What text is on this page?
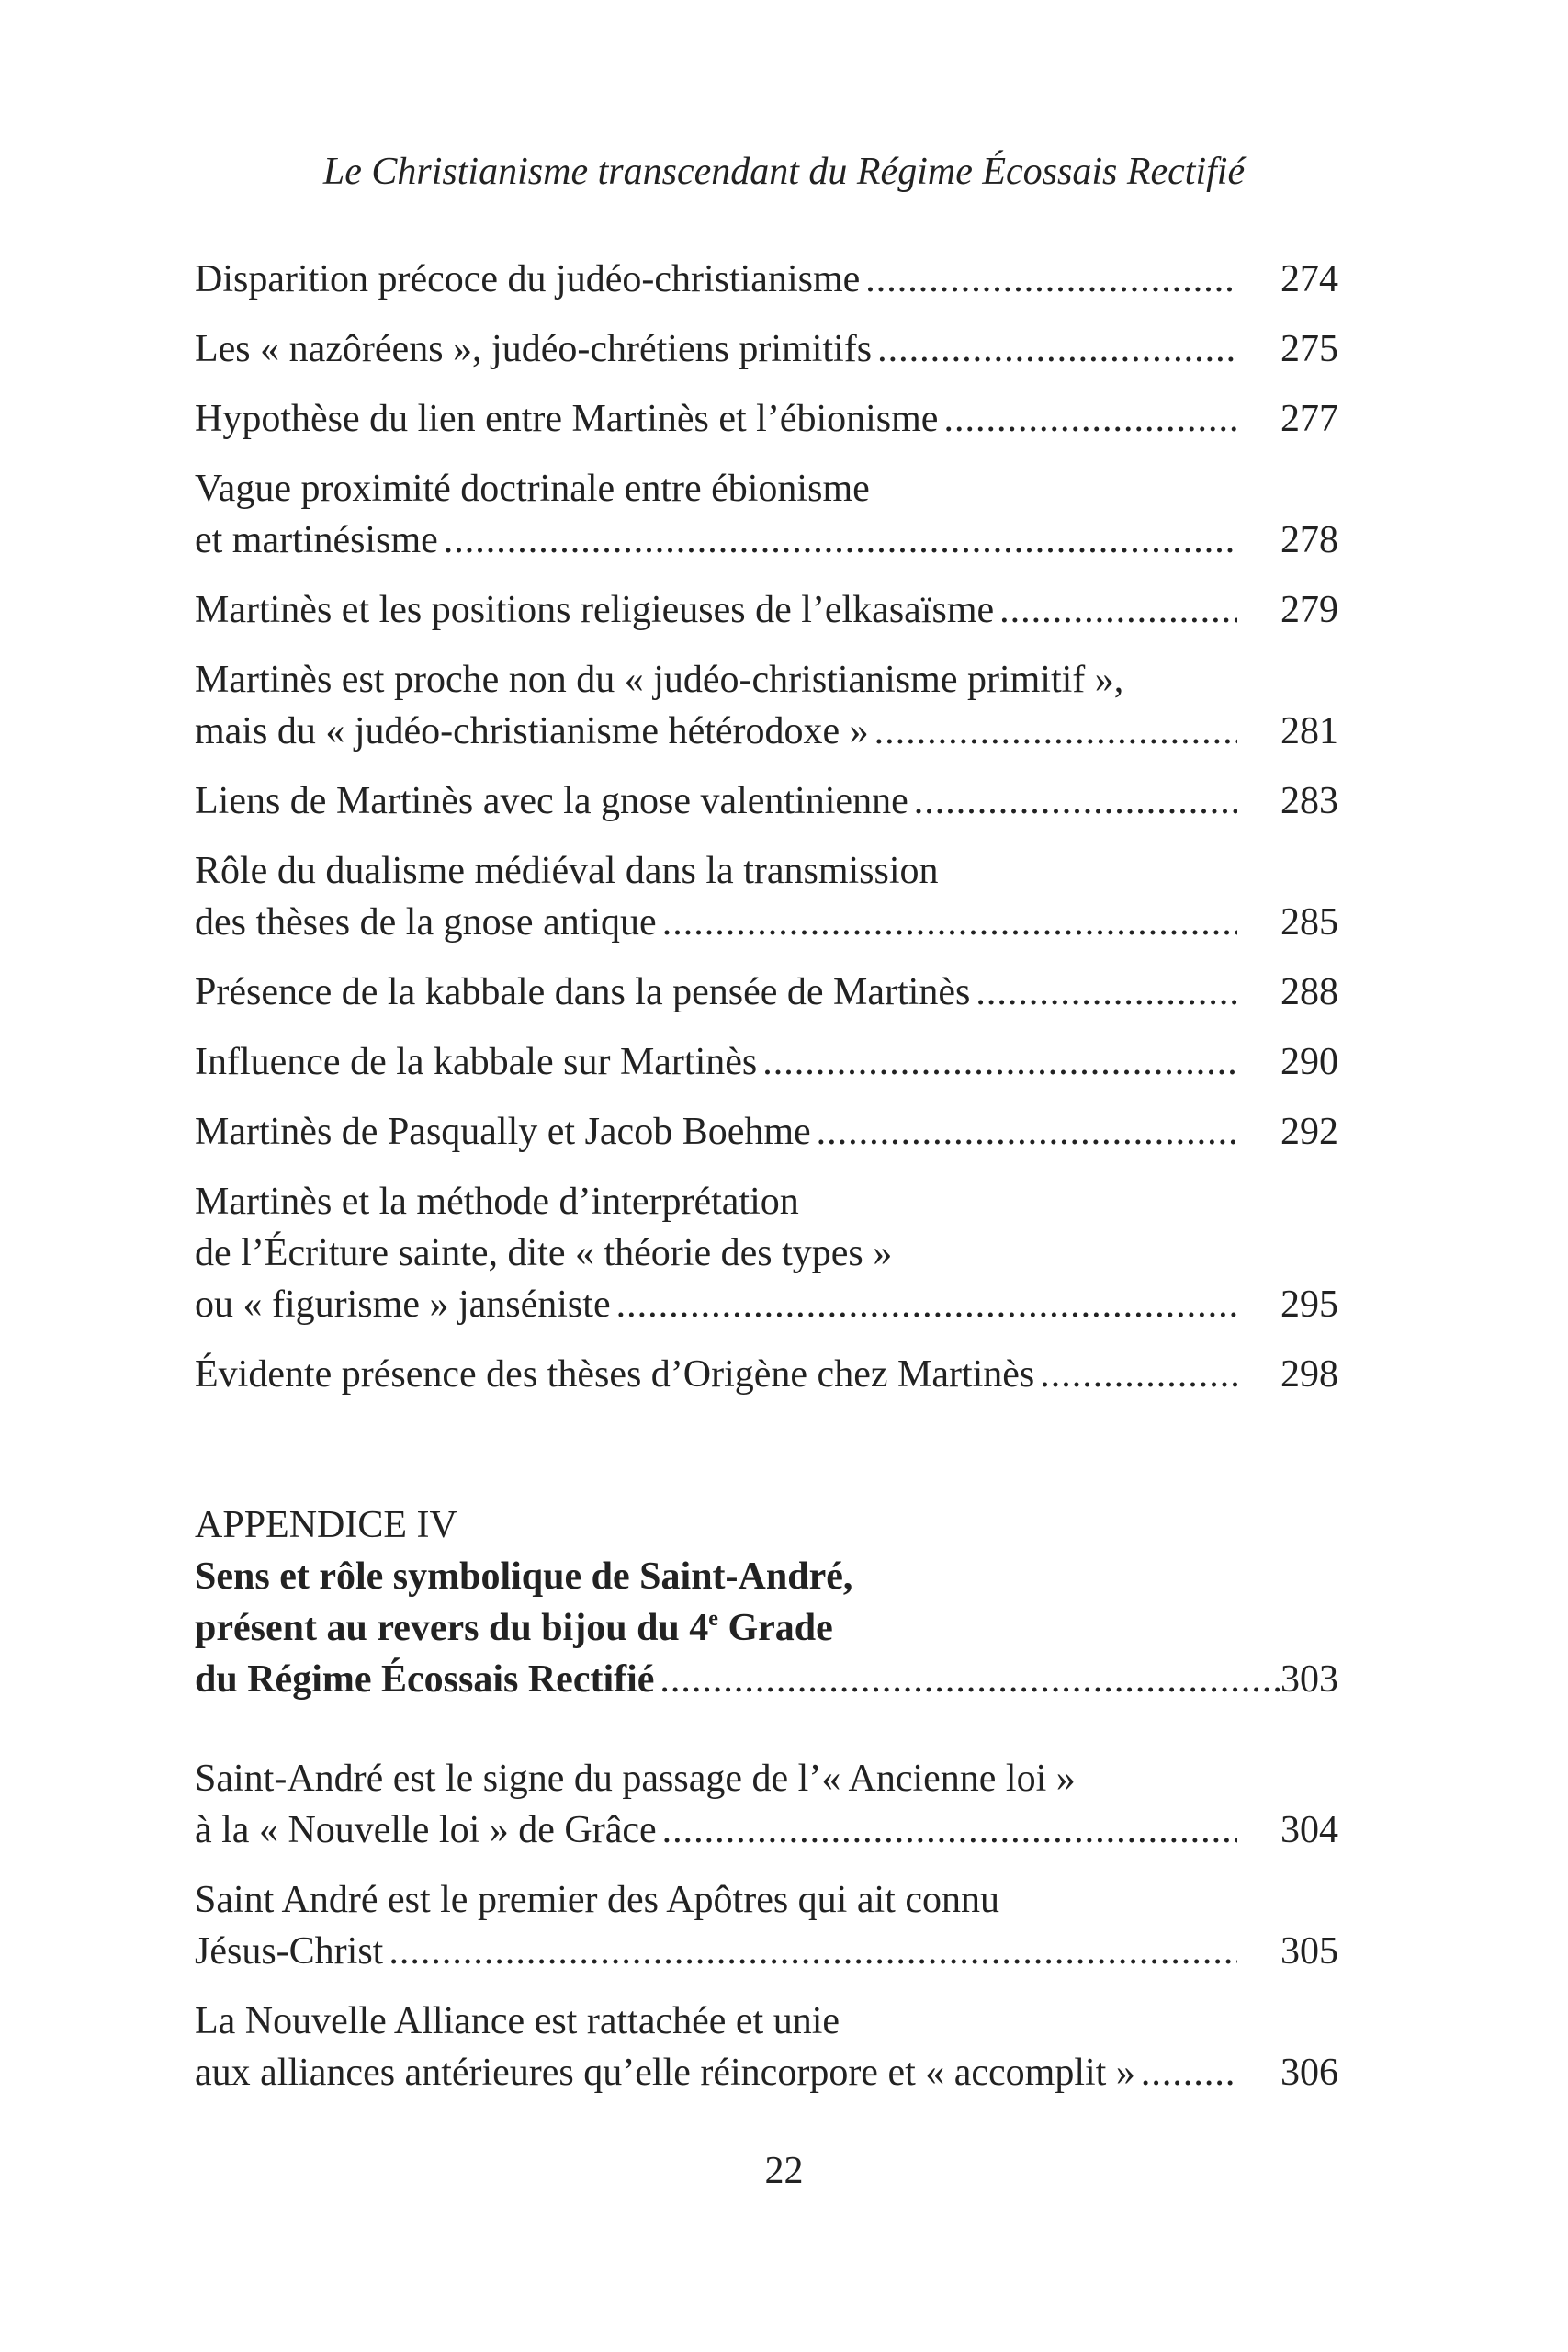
Le Christianisme transcendant du Régime Écossais Rectifié
Disparition précoce du judéo-christianisme .....	274
Les « nazôréens », judéo-chrétiens primitifs .....	275
Hypothèse du lien entre Martinès et l’ébionisme .....	277
Vague proximité doctrinale entre ébionisme
et martinésisme .....	278
Martinès et les positions religieuses de l’elkasaïsme .....	279
Martinès est proche non du « judéo-christianisme primitif »,
mais du « judéo-christianisme hétérodoxe » .....	281
Liens de Martinès avec la gnose valentinienne .....	283
Rôle du dualisme médiéval dans la transmission
des thèses de la gnose antique .....	285
Présence de la kabbale dans la pensée de Martinès .....	288
Influence de la kabbale sur Martinès .....	290
Martinès de Pasqually et Jacob Boehme .....	292
Martinès et la méthode d’interprétation
de l’Écriture sainte, dite « théorie des types »
ou « figurisme » janséniste .....	295
Évidente présence des thèses d’Origène chez Martinès .....	298
APPENDICE IV
Sens et rôle symbolique de Saint-André,
présent au revers du bijou du 4e Grade
du Régime Écossais Rectifié .....	303
Saint-André est le signe du passage de l’« Ancienne loi »
à la « Nouvelle loi » de Grâce .....	304
Saint André est le premier des Apôtres qui ait connu
Jésus-Christ .....	305
La Nouvelle Alliance est rattachée et unie
aux alliances antérieures qu’elle réincorpore et « accomplit » .....	306
22
